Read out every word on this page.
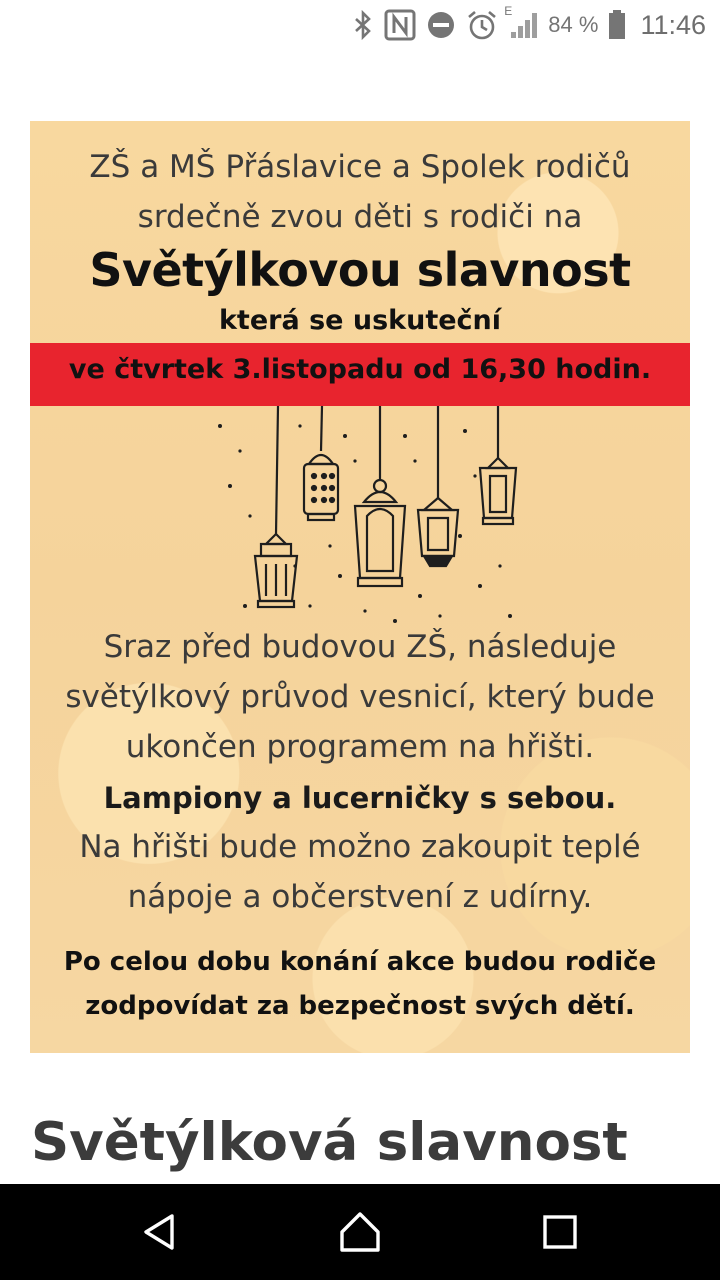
E
84 % 11:46
ZŠ a MŠ Přáslavice a Spolek rodičů
srdečně zvou děti s rodiči na
Světýlkovou slavnost
která se uskuteční
ve čtvrtek 3.listopadu od 16,30 hodin.
Sraz před budovou ZŠ, následuje
světýlkový průvod vesnicí, který bude
ukončen programem na hřišti.
Lampiony a lucerničky s sebou.
Na hřišti bude možno zakoupit teplé
nápoje a občerstvení z udírny.
Po celou dobu konání akce budou rodiče
zodpovídat za bezpečnost svých dětí.
Světýlková slavnost
